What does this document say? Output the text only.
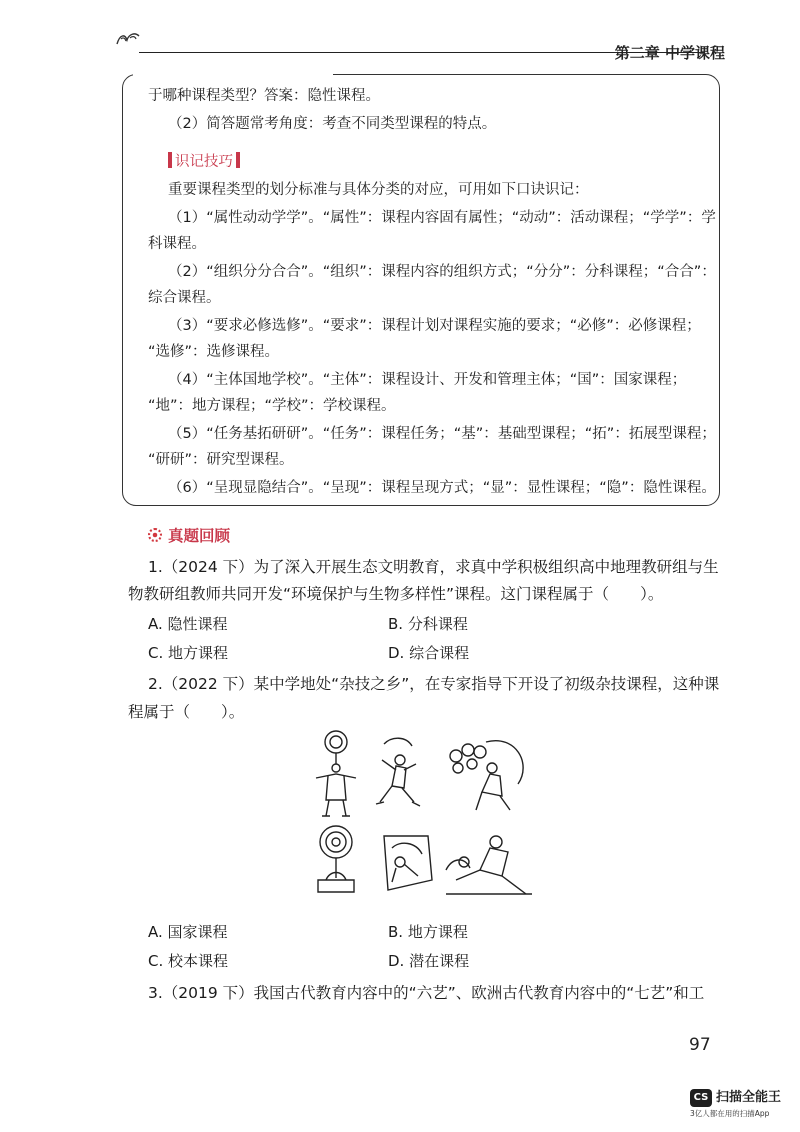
第二章 中学课程
于哪种课程类型？答案：隐性课程。
（2）简答题常考角度：考查不同类型课程的特点。
识记技巧
重要课程类型的划分标准与具体分类的对应，可用如下口诀识记：
（1）“属性动动学学”。“属性”：课程内容固有属性；“动动”：活动课程；“学学”：学
科课程。
（2）“组织分分合合”。“组织”：课程内容的组织方式；“分分”：分科课程；“合合”：
综合课程。
（3）“要求必修选修”。“要求”：课程计划对课程实施的要求；“必修”：必修课程；
“选修”：选修课程。
（4）“主体国地学校”。“主体”：课程设计、开发和管理主体；“国”：国家课程；
“地”：地方课程；“学校”：学校课程。
（5）“任务基拓研研”。“任务”：课程任务；“基”：基础型课程；“拓”：拓展型课程；
“研研”：研究型课程。
（6）“呈现显隐结合”。“呈现”：课程呈现方式；“显”：显性课程；“隐”：隐性课程。
真题回顾
1.（2024 下）为了深入开展生态文明教育，求真中学积极组织高中地理教研组与生
物教研组教师共同开发“环境保护与生物多样性”课程。这门课程属于（　　）。
A. 隐性课程	B. 分科课程
C. 地方课程	D. 综合课程
2.（2022 下）某中学地处“杂技之乡”，在专家指导下开设了初级杂技课程，这种课
程属于（　　）。
A. 国家课程	B. 地方课程
C. 校本课程	D. 潜在课程
3.（2019 下）我国古代教育内容中的“六艺”、欧洲古代教育内容中的“七艺”和工
97
CS 扫描全能王
3亿人都在用的扫描App
